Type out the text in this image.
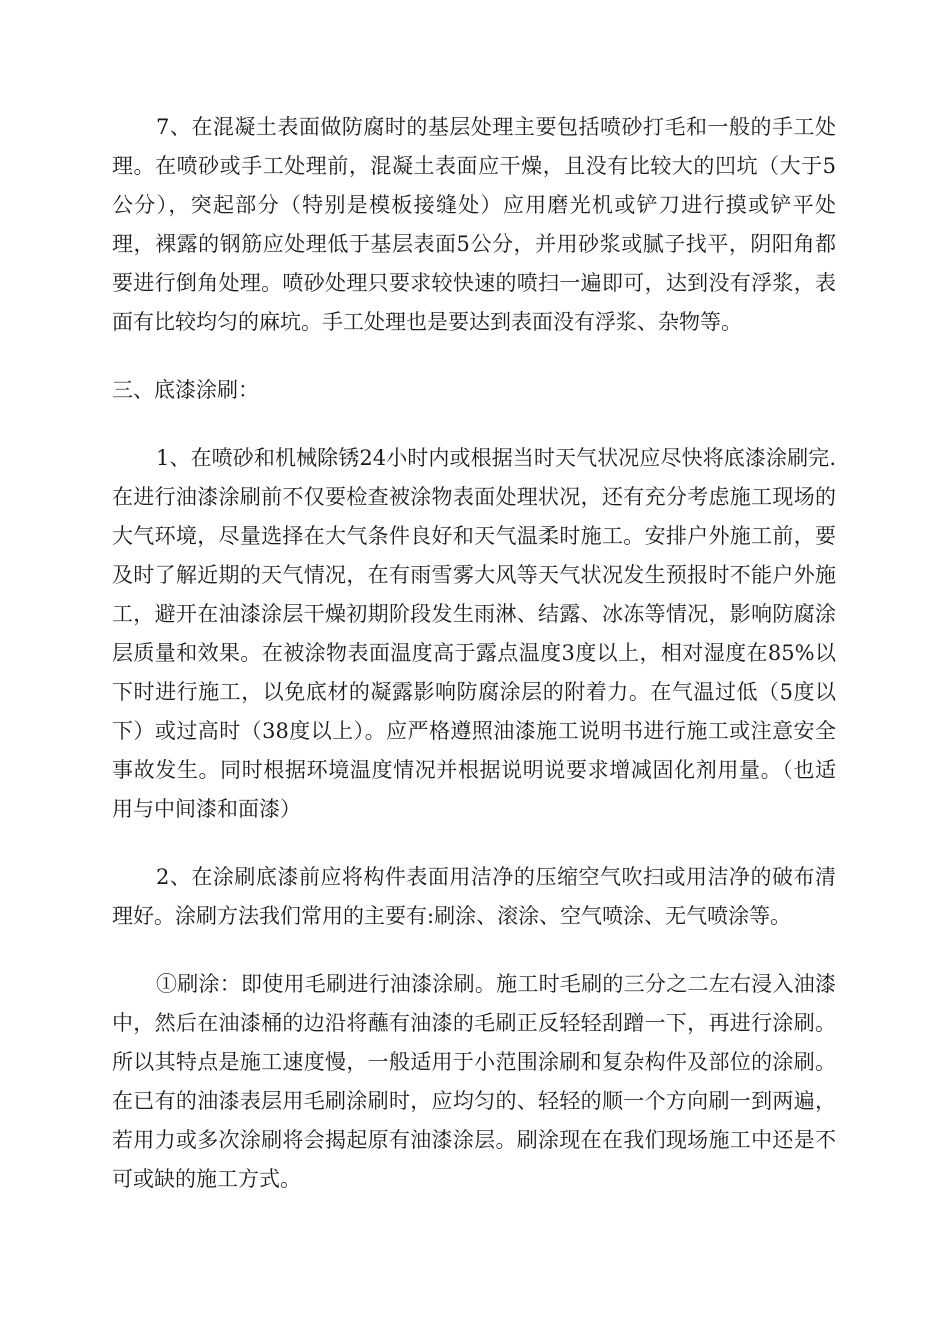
7、在混凝土表面做防腐时的基层处理主要包括喷砂打毛和一般的手工处理。在喷砂或手工处理前，混凝土表面应干燥，且没有比较大的凹坑（大于5公分），突起部分（特别是模板接缝处）应用磨光机或铲刀进行摸或铲平处理，裸露的钢筋应处理低于基层表面5公分，并用砂浆或腻子找平，阴阳角都要进行倒角处理。喷砂处理只要求较快速的喷扫一遍即可，达到没有浮浆，表面有比较均匀的麻坑。手工处理也是要达到表面没有浮浆、杂物等。

三、底漆涂刷：

1、在喷砂和机械除锈24小时内或根据当时天气状况应尽快将底漆涂刷完.在进行油漆涂刷前不仅要检查被涂物表面处理状况，还有充分考虑施工现场的大气环境，尽量选择在大气条件良好和天气温柔时施工。安排户外施工前，要及时了解近期的天气情况，在有雨雪雾大风等天气状况发生预报时不能户外施工，避开在油漆涂层干燥初期阶段发生雨淋、结露、冰冻等情况，影响防腐涂层质量和效果。在被涂物表面温度高于露点温度3度以上，相对湿度在85%以下时进行施工，以免底材的凝露影响防腐涂层的附着力。在气温过低（5度以下）或过高时（38度以上）。应严格遵照油漆施工说明书进行施工或注意安全事故发生。同时根据环境温度情况并根据说明说要求增减固化剂用量。（也适用与中间漆和面漆）

2、在涂刷底漆前应将构件表面用洁净的压缩空气吹扫或用洁净的破布清理好。涂刷方法我们常用的主要有:刷涂、滚涂、空气喷涂、无气喷涂等。

①刷涂：即使用毛刷进行油漆涂刷。施工时毛刷的三分之二左右浸入油漆中，然后在油漆桶的边沿将蘸有油漆的毛刷正反轻轻刮蹭一下，再进行涂刷。所以其特点是施工速度慢，一般适用于小范围涂刷和复杂构件及部位的涂刷。在已有的油漆表层用毛刷涂刷时，应均匀的、轻轻的顺一个方向刷一到两遍，若用力或多次涂刷将会揭起原有油漆涂层。刷涂现在在我们现场施工中还是不可或缺的施工方式。
